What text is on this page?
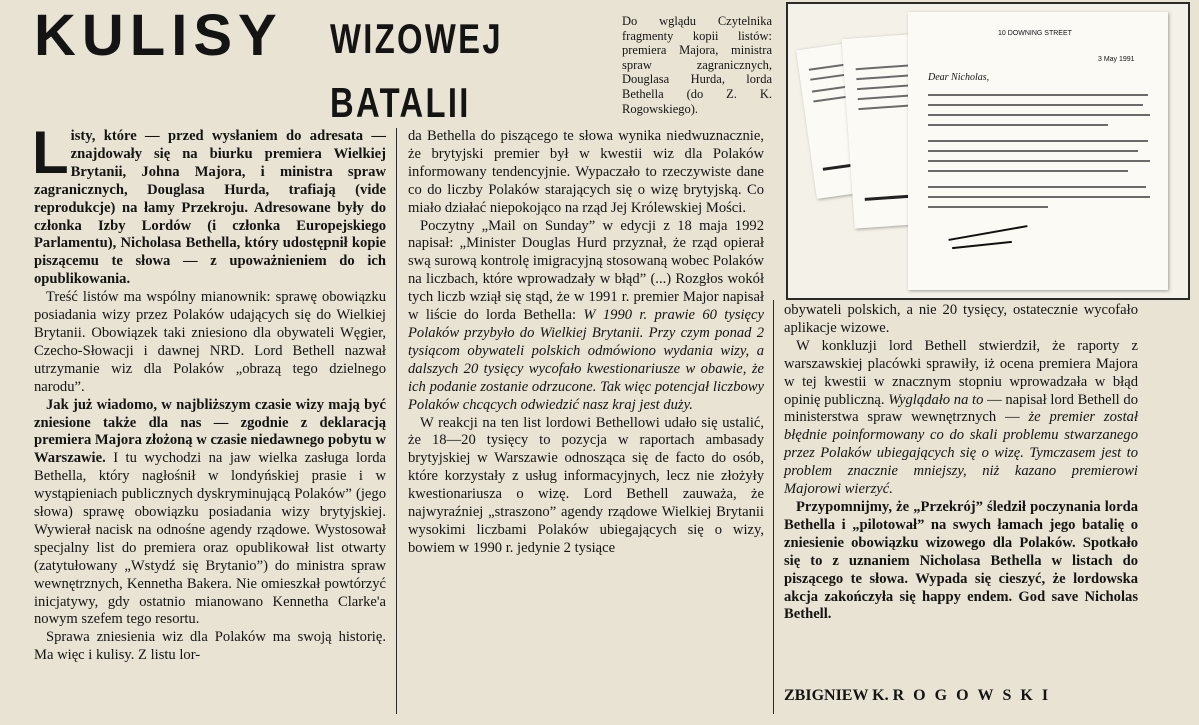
KULISY WIZOWEJ
BATALII
Do wglądu Czytelnika fragmenty kopii listów: premiera Majora, ministra spraw zagranicznych, Douglasa Hurda, lorda Bethella (do Z. K. Rogowskiego).
10 DOWNING STREET
3 May 1991
Dear Nicholas,

Listy, które — przed wysłaniem do adresata — znajdowały się na biurku premiera Wielkiej Brytanii, Johna Majora, i ministra spraw zagranicznych, Douglasa Hurda, trafiają (vide reprodukcje) na łamy Przekroju. Adresowane były do członka Izby Lordów (i członka Europejskiego Parlamentu), Nicholasa Bethella, który udostępnił kopie piszącemu te słowa — z upoważnieniem do ich opublikowania.

Treść listów ma wspólny mianownik: sprawę obowiązku posiadania wizy przez Polaków udających się do Wielkiej Brytanii. Obowiązek taki zniesiono dla obywateli Węgier, Czecho-Słowacji i dawnej NRD. Lord Bethell nazwał utrzymanie wiz dla Polaków „obrazą tego dzielnego narodu”.

Jak już wiadomo, w najbliższym czasie wizy mają być zniesione także dla nas — zgodnie z deklaracją premiera Majora złożoną w czasie niedawnego pobytu w Warszawie. I tu wychodzi na jaw wielka zasługa lorda Bethella, który nagłośnił w londyńskiej prasie i w wystąpieniach publicznych dyskryminującą Polaków” (jego słowa) sprawę obowiązku posiadania wizy brytyjskiej. Wywierał nacisk na odnośne agendy rządowe. Wystosował specjalny list do premiera oraz opublikował list otwarty (zatytułowany „Wstydź się Brytanio”) do ministra spraw wewnętrznych, Kennetha Bakera. Nie omieszkał powtórzyć inicjatywy, gdy ostatnio mianowano Kennetha Clarke'a nowym szefem tego resortu.

Sprawa zniesienia wiz dla Polaków ma swoją historię. Ma więc i kulisy. Z listu lor-

da Bethella do piszącego te słowa wynika niedwuznacznie, że brytyjski premier był w kwestii wiz dla Polaków informowany tendencyjnie. Wypaczało to rzeczywiste dane co do liczby Polaków starających się o wizę brytyjską. Co miało działać niepokojąco na rząd Jej Królewskiej Mości.

Poczytny „Mail on Sunday” w edycji z 18 maja 1992 napisał: „Minister Douglas Hurd przyznał, że rząd opierał swą surową kontrolę imigracyjną stosowaną wobec Polaków na liczbach, które wprowadzały w błąd” (...) Rozgłos wokół tych liczb wziął się stąd, że w 1991 r. premier Major napisał w liście do lorda Bethella: W 1990 r. prawie 60 tysięcy Polaków przybyło do Wielkiej Brytanii. Przy czym ponad 2 tysiącom obywateli polskich odmówiono wydania wizy, a dalszych 20 tysięcy wycofało kwestionariusze w obawie, że ich podanie zostanie odrzucone. Tak więc potencjał liczbowy Polaków chcących odwiedzić nasz kraj jest duży.

W reakcji na ten list lordowi Bethellowi udało się ustalić, że 18—20 tysięcy to pozycja w raportach ambasady brytyjskiej w Warszawie odnosząca się de facto do osób, które korzystały z usług informacyjnych, lecz nie złożyły kwestionariusza o wizę. Lord Bethell zauważa, że najwyraźniej „straszono” agendy rządowe Wielkiej Brytanii wysokimi liczbami Polaków ubiegających się o wizy, bowiem w 1990 r. jedynie 2 tysiące

obywateli polskich, a nie 20 tysięcy, ostatecznie wycofało aplikacje wizowe.

W konkluzji lord Bethell stwierdził, że raporty z warszawskiej placówki sprawiły, iż ocena premiera Majora w tej kwestii w znacznym stopniu wprowadzała w błąd opinię publiczną. Wyglądało na to — napisał lord Bethell do ministerstwa spraw wewnętrznych — że premier został błędnie poinformowany co do skali problemu stwarzanego przez Polaków ubiegających się o wizę. Tymczasem jest to problem znacznie mniejszy, niż kazano premierowi Majorowi wierzyć.

Przypomnijmy, że „Przekrój” śledził poczynania lorda Bethella i „pilotował” na swych łamach jego batalię o zniesienie obowiązku wizowego dla Polaków. Spotkało się to z uznaniem Nicholasa Bethella w listach do piszącego te słowa. Wypada się cieszyć, że lordowska akcja zakończyła się happy endem. God save Nicholas Bethell.

ZBIGNIEW K. ROGOWSKI
